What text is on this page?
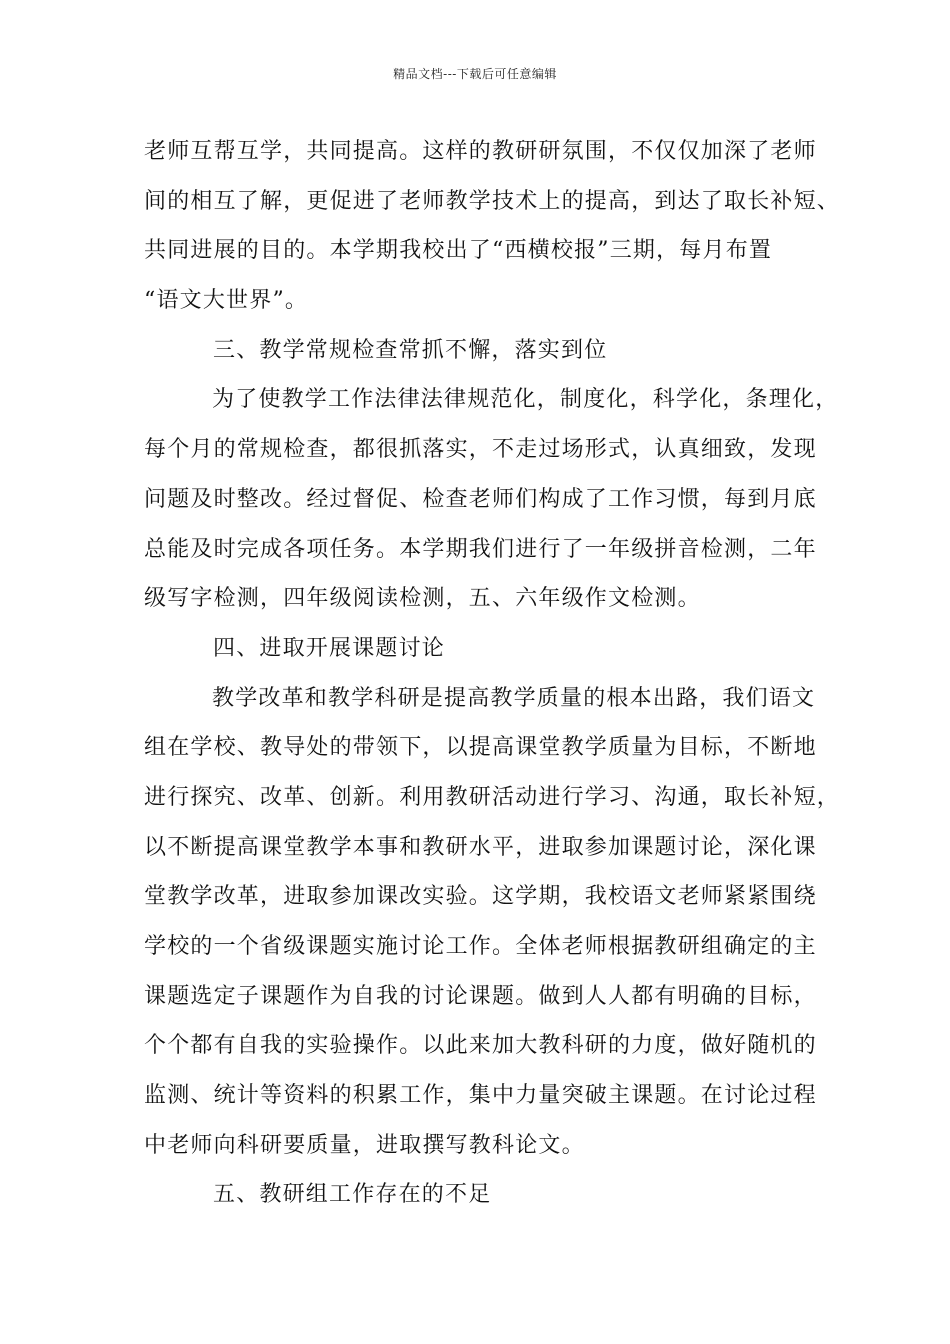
精品文档---下载后可任意编辑
老师互帮互学，共同提高。这样的教研研氛围，不仅仅加深了老师
间的相互了解，更促进了老师教学技术上的提高，到达了取长补短、
共同进展的目的。本学期我校出了“西横校报”三期，每月布置
“语文大世界”。
三、教学常规检查常抓不懈，落实到位
为了使教学工作法律法律规范化，制度化，科学化，条理化，
每个月的常规检查，都很抓落实，不走过场形式，认真细致，发现
问题及时整改。经过督促、检查老师们构成了工作习惯，每到月底
总能及时完成各项任务。本学期我们进行了一年级拼音检测，二年
级写字检测，四年级阅读检测，五、六年级作文检测。
四、进取开展课题讨论
教学改革和教学科研是提高教学质量的根本出路，我们语文
组在学校、教导处的带领下，以提高课堂教学质量为目标，不断地
进行探究、改革、创新。利用教研活动进行学习、沟通，取长补短，
以不断提高课堂教学本事和教研水平，进取参加课题讨论，深化课
堂教学改革，进取参加课改实验。这学期，我校语文老师紧紧围绕
学校的一个省级课题实施讨论工作。全体老师根据教研组确定的主
课题选定子课题作为自我的讨论课题。做到人人都有明确的目标，
个个都有自我的实验操作。以此来加大教科研的力度，做好随机的
监测、统计等资料的积累工作，集中力量突破主课题。在讨论过程
中老师向科研要质量，进取撰写教科论文。
五、教研组工作存在的不足
